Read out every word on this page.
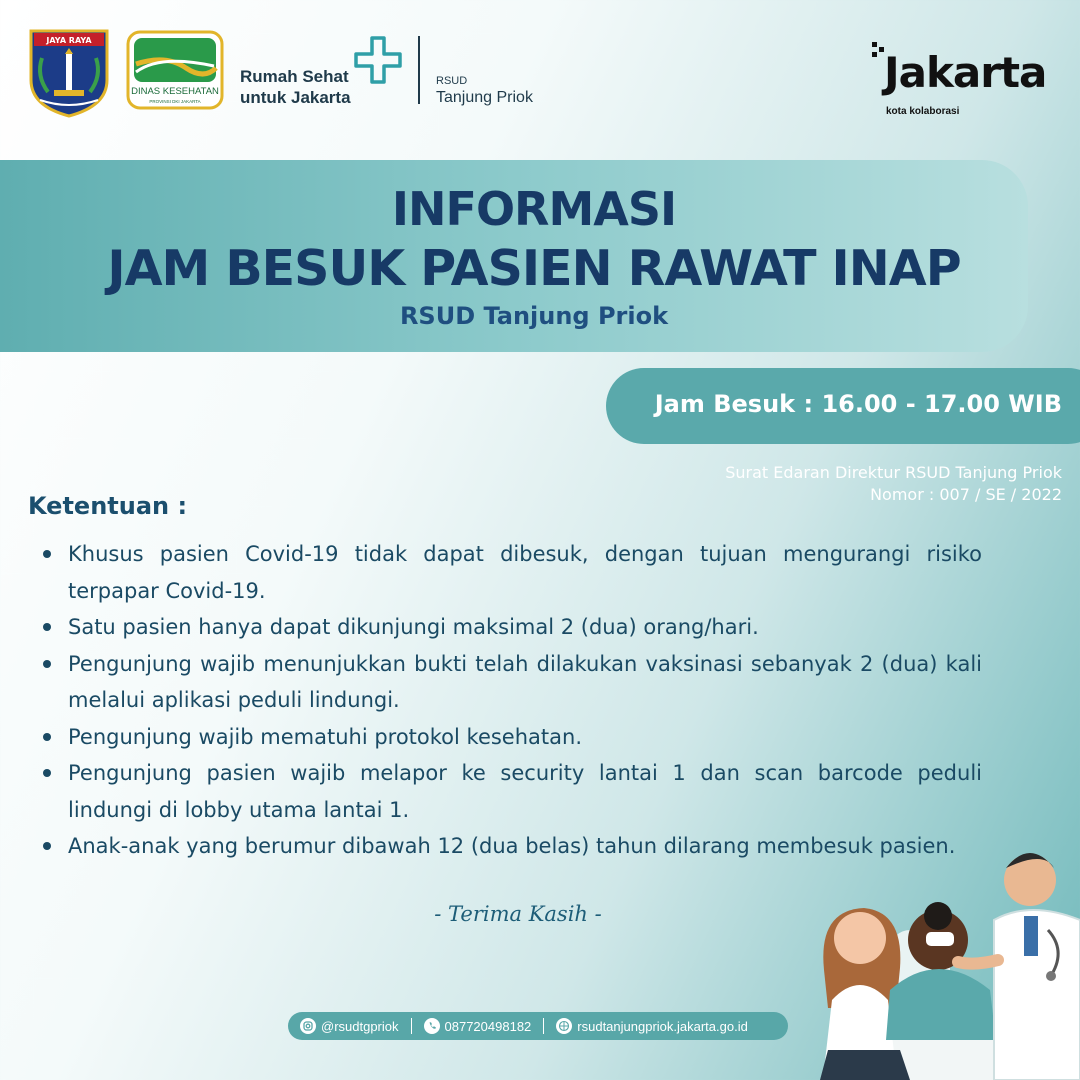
JAYA RAYA
DINAS KESEHATAN
PROVINSI DKI JAKARTA
Rumah Sehat
untuk Jakarta
RSUD
Tanjung Priok
Jakarta
kota kolaborasi
INFORMASI
JAM BESUK PASIEN RAWAT INAP
RSUD Tanjung Priok
Jam Besuk : 16.00 - 17.00 WIB
Surat Edaran Direktur RSUD Tanjung Priok
Nomor : 007 / SE / 2022
Ketentuan :
Khusus pasien Covid-19 tidak dapat dibesuk, dengan tujuan mengurangi risiko terpapar Covid-19.
Satu pasien hanya dapat dikunjungi maksimal 2 (dua) orang/hari.
Pengunjung wajib menunjukkan bukti telah dilakukan vaksinasi sebanyak 2 (dua) kali melalui aplikasi peduli lindungi.
Pengunjung wajib mematuhi protokol kesehatan.
Pengunjung pasien wajib melapor ke security lantai 1 dan scan barcode peduli lindungi di lobby utama lantai 1.
Anak-anak yang berumur dibawah 12 (dua belas) tahun dilarang membesuk pasien.
- Terima Kasih -
@rsudtgpriok	087720498182	rsudtanjungpriok.jakarta.go.id
